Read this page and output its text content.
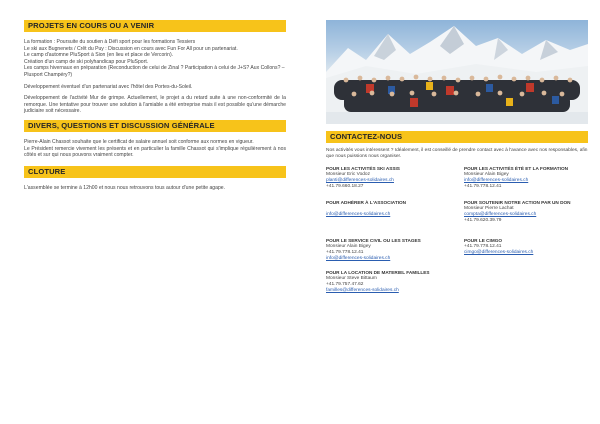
PROJETS EN COURS OU A VENIR

La formation : Poursuite du soutien à Défi sport pour les formations Tessiers

Le ski aux Bugnenets / Crêt du Puy : Discussion en cours avec Fun For All pour un partenariat.

Le camp d'automne PluSport à Sion (en lieu et place de Vercorin).

Création d'un camp de ski polyhandicap pour PluSport.

Les camps hivernaux en préparation (Reconduction de celui de Zinal ? Participation à celui de J+S? Aux Collons? – Plusport Champéry?)

Développement éventuel d'un partenariat avec l'hôtel des Portes-du-Soleil.

Développement de l'activité Mur de grimpe. Actuellement, le projet a du retard suite à une non-conformité de la remorque. Une tentative pour trouver une solution à l'amiable a été entreprise mais il est possible qu'une démarche judiciaire soit nécessaire.

DIVERS, QUESTIONS ET DISCUSSION GÉNÉRALE

Pierre-Alain Chassot souhaite que le certificat de salaire annuel soit conforme aux normes en vigueur.

Le Président remercie vivement les présents et en particulier la famille Chassot qui s'implique régulièrement à nos côtés et sur qui nous pouvons vraiment compter.

CLOTURE

L'assemblée se termine à 12h00 et nous nous retrouvons tous autour d'une petite agape.

CONTACTEZ-NOUS

Nos activités vous intéressent ? Idéalement, il est conseillé de prendre contact avec à l'avance avec nos responsables, afin que nous puissions nous organiser.

POUR LES ACTIVITÉS SKI ASSIS
Monsieur Eric Vodoz
planti@differences-solidaires.ch
+41.79.660.18.27
POUR LES ACTIVITÉS ÉTÉ ET LA FORMATION
Monsieur Alain Bigey
info@differences-solidaires.ch
+41.79.778.12.41
POUR ADHÉRER À L'ASSOCIATION
info@differences-solidaires.ch
POUR SOUTENIR NOTRE ACTION PAR UN DON
Monsieur Pierre Lachat
compta@differences-solidaires.ch
+41.79.620.39.79
POUR LE SERVICE CIVIL OU LES STAGES
Monsieur Alain Bigey
+41.79.778.12.41
info@differences-solidaires.ch
POUR LE CIMGO
+41.79.778.12.41
cimgo@differences-solidaires.ch
POUR LA LOCATION DE MATERIEL FAMILLES
Monsieur Steve Bittaum
+41.79.757.47.62
familles@differences-solidaires.ch
